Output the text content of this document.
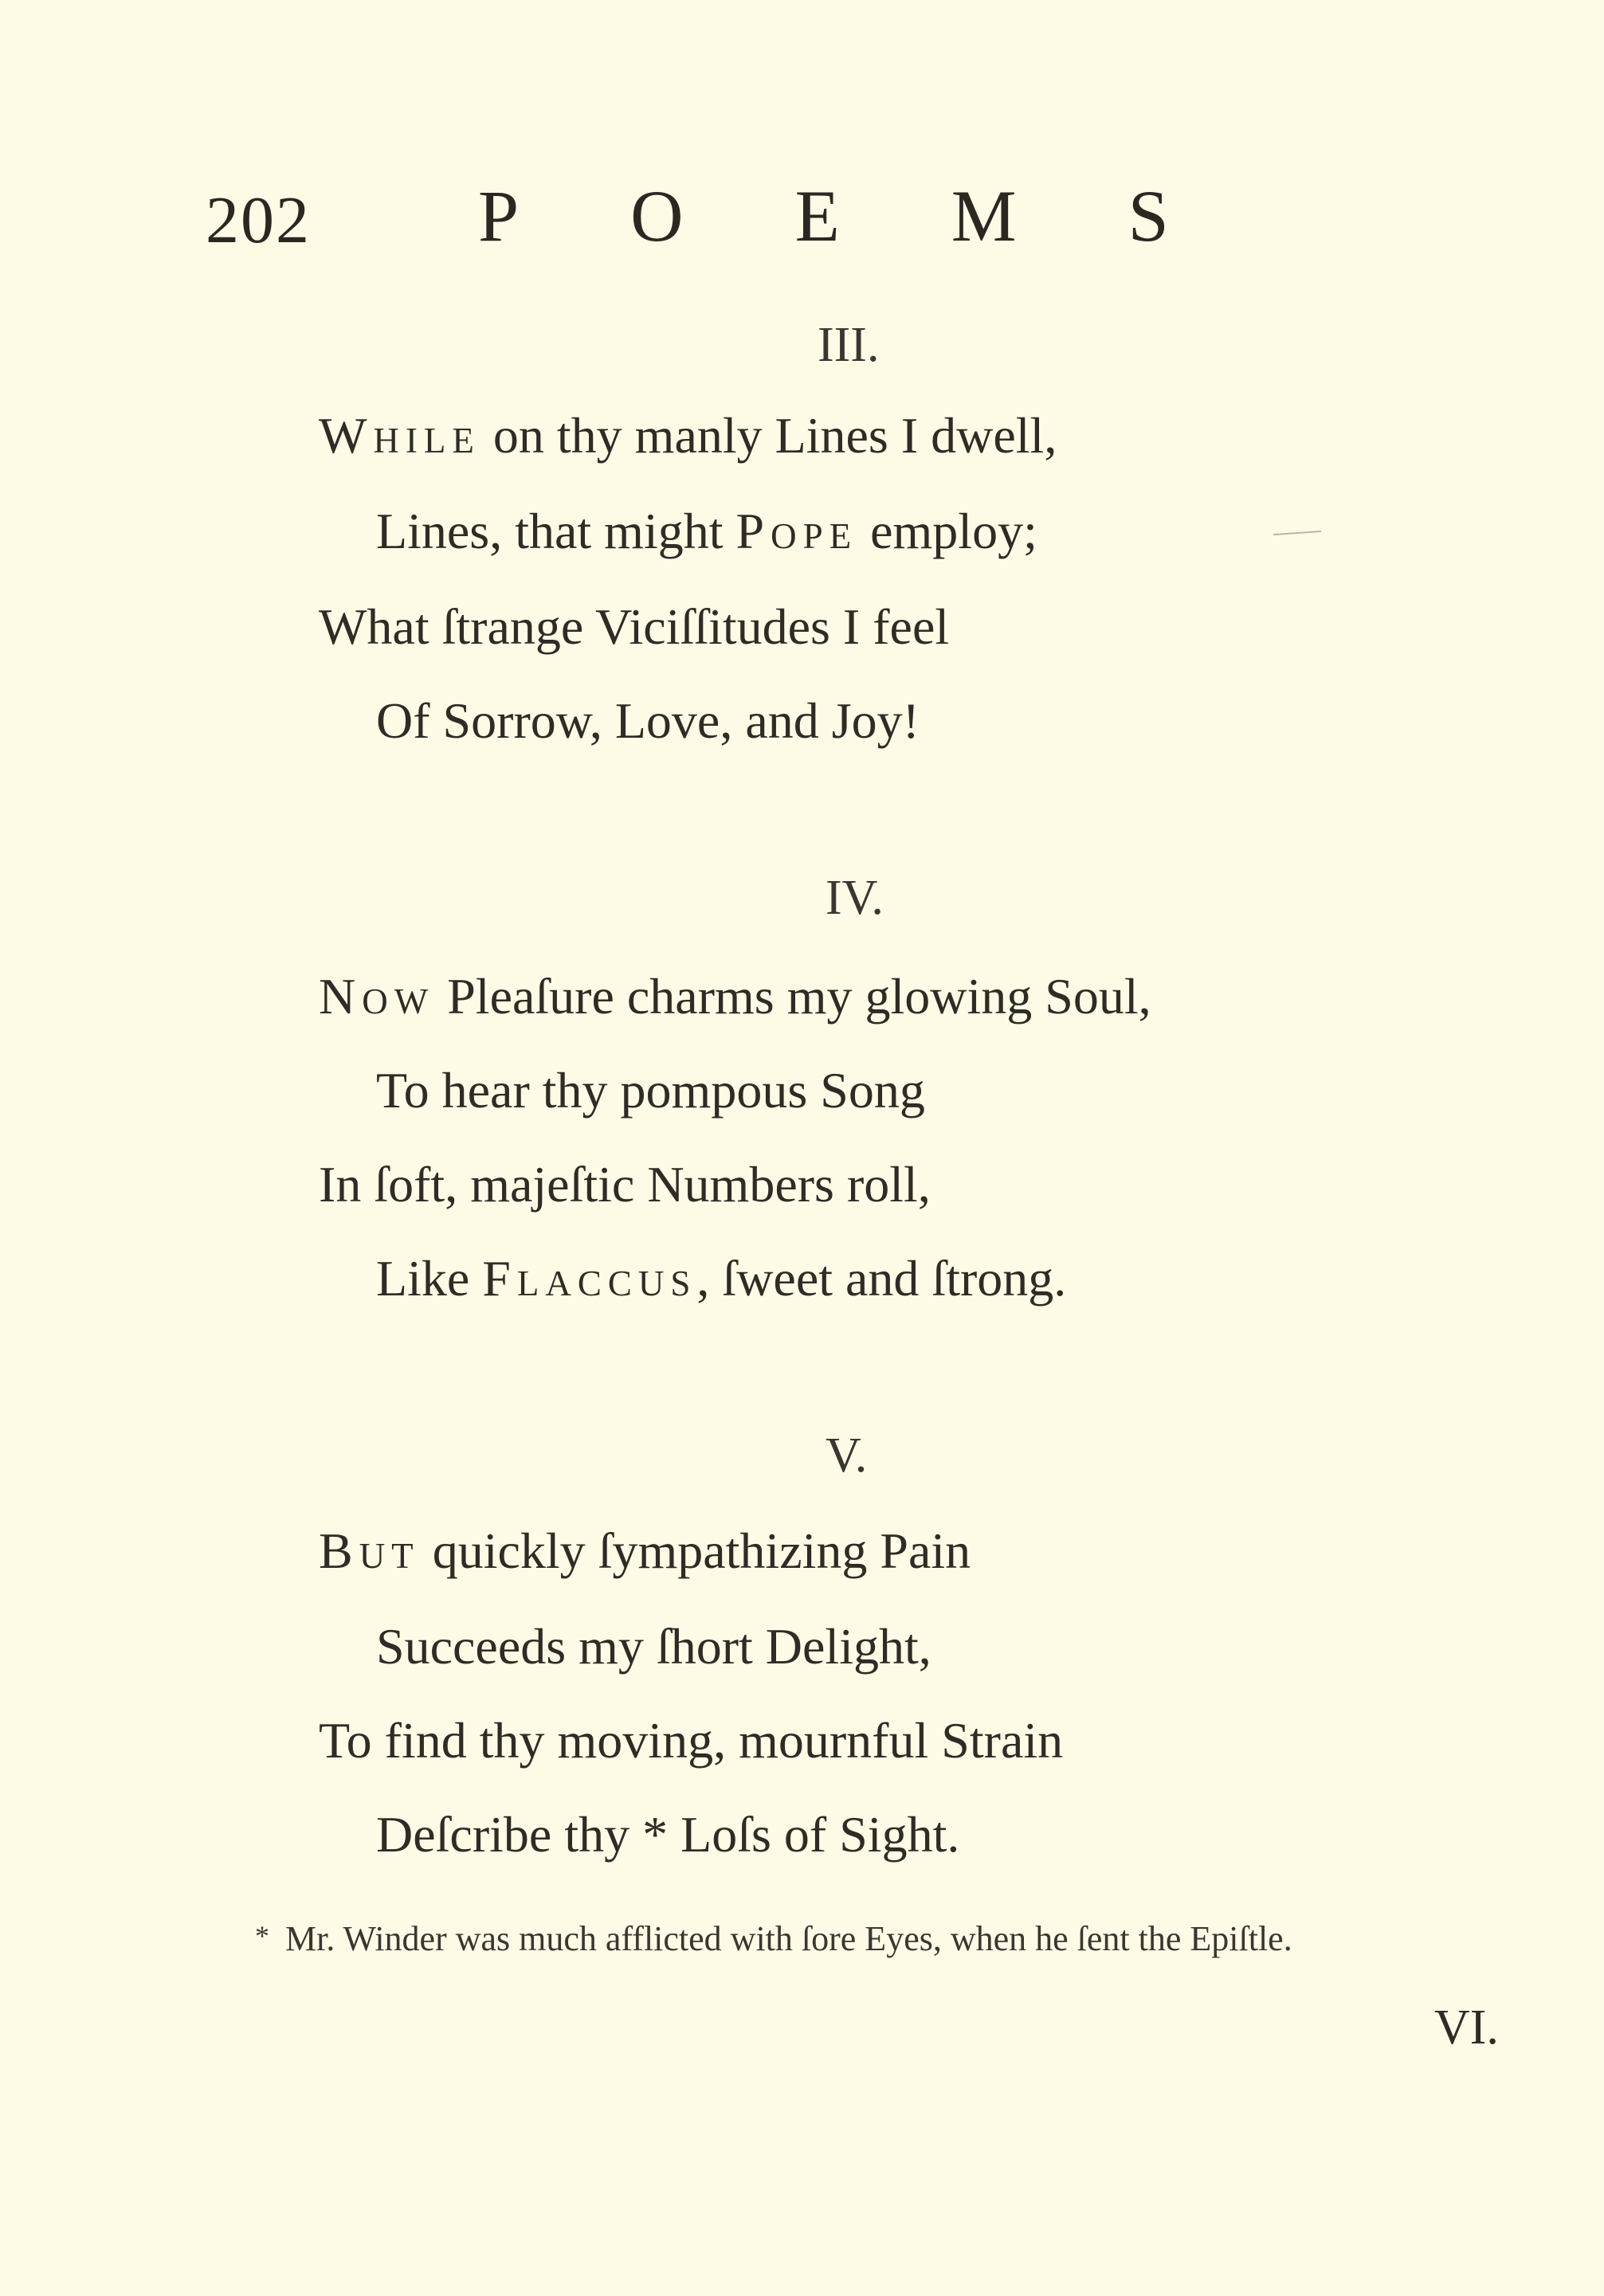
202 POEMS
III.
While on thy manly Lines I dwell,
Lines, that might Pope employ;
What ſtrange Viciſſitudes I feel
Of Sorrow, Love, and Joy!
IV.
Now Pleaſure charms my glowing Soul,
To hear thy pompous Song
In ſoft, majeſtic Numbers roll,
Like Flaccus, ſweet and ſtrong.
V.
But quickly ſympathizing Pain
Succeeds my ſhort Delight,
To find thy moving, mournful Strain
Deſcribe thy * Loſs of Sight.
* Mr. Winder was much afflicted with ſore Eyes, when he ſent the Epiſtle.
VI.
